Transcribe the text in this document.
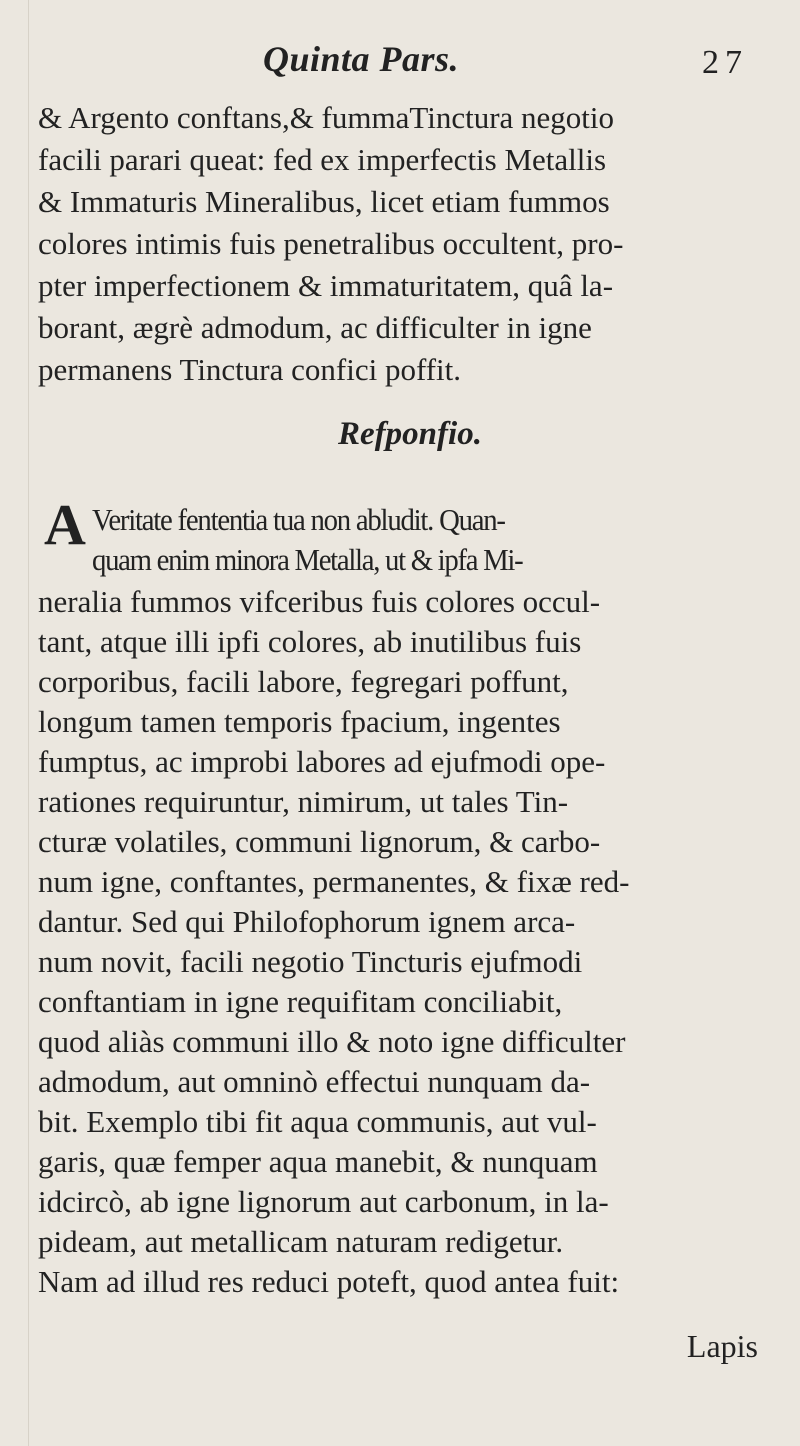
Quinta Pars.	27
& Argento conftans,& fummaTinctura negotio
facili parari queat: fed ex imperfectis Metallis
& Immaturis Mineralibus, licet etiam fummos
colores intimis fuis penetralibus occultent, pro-
pter imperfectionem & immaturitatem, quâ la-
borant, ægrè admodum, ac difficulter in igne
permanens Tinctura confici poffit.
Refponfio.
A Veritate fententia tua non abludit. Quan-
quam enim minora Metalla, ut & ipfa Mi-
neralia fummos vifceribus fuis colores occul-
tant, atque illi ipfi colores, ab inutilibus fuis
corporibus, facili labore, fegregari poffunt,
longum tamen temporis fpacium, ingentes
fumptus, ac improbi labores ad ejufmodi ope-
rationes requiruntur, nimirum, ut tales Tin-
cturæ volatiles, communi lignorum, & carbo-
num igne, conftantes, permanentes, & fixæ red-
dantur. Sed qui Philofophorum ignem arca-
num novit, facili negotio Tincturis ejufmodi
conftantiam in igne requifitam conciliabit,
quod aliàs communi illo & noto igne difficulter
admodum, aut omninò effectui nunquam da-
bit. Exemplo tibi fit aqua communis, aut vul-
garis, quæ femper aqua manebit, & nunquam
idcircò, ab igne lignorum aut carbonum, in la-
pideam, aut metallicam naturam redigetur.
Nam ad illud res reduci poteft, quod antea fuit:
Lapis
